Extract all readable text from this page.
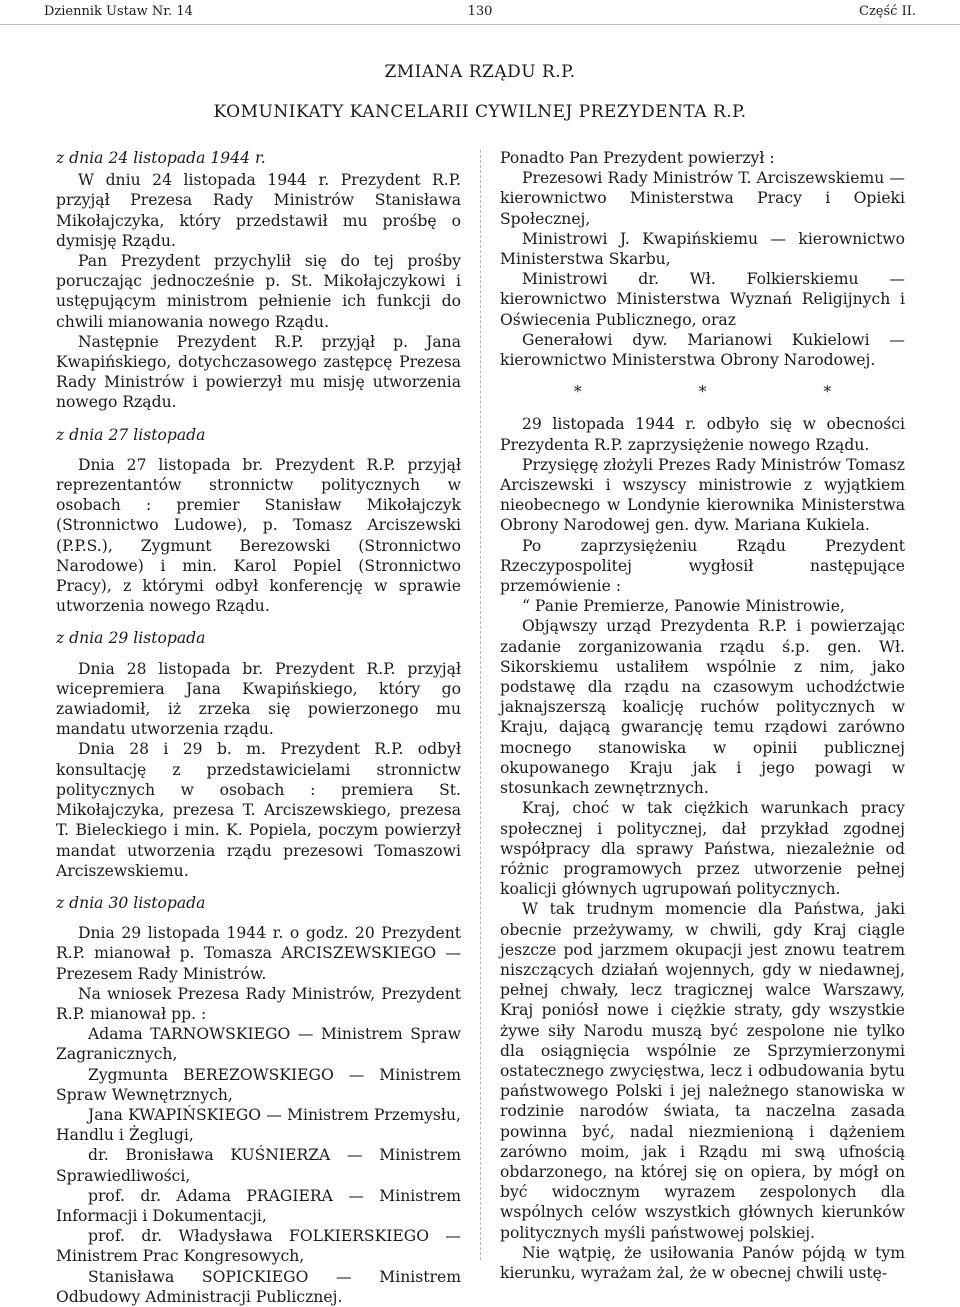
Dziennik Ustaw Nr. 14	130	Część II.
ZMIANA RZĄDU R.P.
KOMUNIKATY KANCELARII CYWILNEJ PREZYDENTA R.P.

z dnia 24 listopada 1944 r.

W dniu 24 listopada 1944 r. Prezydent R.P. przyjął Prezesa Rady Ministrów Stanisława Mikołajczyka, który przedstawił mu prośbę o dymisję Rządu.

Pan Prezydent przychylił się do tej prośby poruczając jednocześnie p. St. Mikołajczykowi i ustępującym ministrom pełnienie ich funkcji do chwili mianowania nowego Rządu.

Następnie Prezydent R.P. przyjął p. Jana Kwapińskiego, dotychczasowego zastępcę Prezesa Rady Ministrów i powierzył mu misję utworzenia nowego Rządu.

z dnia 27 listopada

Dnia 27 listopada br. Prezydent R.P. przyjął reprezentantów stronnictw politycznych w osobach : premier Stanisław Mikołajczyk (Stronnictwo Ludowe), p. Tomasz Arciszewski (P.P.S.), Zygmunt Berezowski (Stronnictwo Narodowe) i min. Karol Popiel (Stronnictwo Pracy), z którymi odbył konferencję w sprawie utworzenia nowego Rządu.

z dnia 29 listopada

Dnia 28 listopada br. Prezydent R.P. przyjął wicepremiera Jana Kwapińskiego, który go zawiadomił, iż zrzeka się powierzonego mu mandatu utworzenia rządu.

Dnia 28 i 29 b. m. Prezydent R.P. odbył konsultację z przedstawicielami stronnictw politycznych w osobach : premiera St. Mikołajczyka, prezesa T. Arciszewskiego, prezesa T. Bieleckiego i min. K. Popiela, poczym powierzył mandat utworzenia rządu prezesowi Tomaszowi Arciszewskiemu.

z dnia 30 listopada

Dnia 29 listopada 1944 r. o godz. 20 Prezydent R.P. mianował p. Tomasza ARCISZEWSKIEGO — Prezesem Rady Ministrów.

Na wniosek Prezesa Rady Ministrów, Prezydent R.P. mianował pp. :

Adama TARNOWSKIEGO — Ministrem Spraw Zagranicznych,

Zygmunta BEREZOWSKIEGO — Ministrem Spraw Wewnętrznych,

Jana KWAPIŃSKIEGO — Ministrem Przemysłu, Handlu i Żeglugi,

dr. Bronisława KUŚNIERZA — Ministrem Sprawiedliwości,

prof. dr. Adama PRAGIERA — Ministrem Informacji i Dokumentacji,

prof. dr. Władysława FOLKIERSKIEGO — Ministrem Prac Kongresowych,

Stanisława SOPICKIEGO — Ministrem Odbudowy Administracji Publicznej.

Ponadto Pan Prezydent powierzył :

Prezesowi Rady Ministrów T. Arciszewskiemu — kierownictwo Ministerstwa Pracy i Opieki Społecznej,

Ministrowi J. Kwapińskiemu — kierownictwo Ministerstwa Skarbu,

Ministrowi dr. Wł. Folkierskiemu — kierownictwo Ministerstwa Wyznań Religijnych i Oświecenia Publicznego, oraz

Generałowi dyw. Marianowi Kukielowi — kierownictwo Ministerstwa Obrony Narodowej.

* * *

29 listopada 1944 r. odbyło się w obecności Prezydenta R.P. zaprzysiężenie nowego Rządu.

Przysięgę złożyli Prezes Rady Ministrów Tomasz Arciszewski i wszyscy ministrowie z wyjątkiem nieobecnego w Londynie kierownika Ministerstwa Obrony Narodowej gen. dyw. Mariana Kukiela.

Po zaprzysiężeniu Rządu Prezydent Rzeczypospolitej wygłosił następujące przemówienie :

“ Panie Premierze, Panowie Ministrowie,

Objąwszy urząd Prezydenta R.P. i powierzając zadanie zorganizowania rządu ś.p. gen. Wł. Sikorskiemu ustaliłem wspólnie z nim, jako podstawę dla rządu na czasowym uchodźctwie jaknajszerszą koalicję ruchów politycznych w Kraju, dającą gwarancję temu rządowi zarówno mocnego stanowiska w opinii publicznej okupowanego Kraju jak i jego powagi w stosunkach zewnętrznych.

Kraj, choć w tak ciężkich warunkach pracy społecznej i politycznej, dał przykład zgodnej współpracy dla sprawy Państwa, niezależnie od różnic programowych przez utworzenie pełnej koalicji głównych ugrupowań politycznych.

W tak trudnym momencie dla Państwa, jaki obecnie przeżywamy, w chwili, gdy Kraj ciągle jeszcze pod jarzmem okupacji jest znowu teatrem niszczących działań wojennych, gdy w niedawnej, pełnej chwały, lecz tragicznej walce Warszawy, Kraj poniósł nowe i ciężkie straty, gdy wszystkie żywe siły Narodu muszą być zespolone nie tylko dla osiągnięcia wspólnie ze Sprzymierzonymi ostatecznego zwycięstwa, lecz i odbudowania bytu państwowego Polski i jej należnego stanowiska w rodzinie narodów świata, ta naczelna zasada powinna być, nadal niezmienioną i dążeniem zarówno moim, jak i Rządu mi swą ufnością obdarzonego, na której się on opiera, by mógł on być widocznym wyrazem zespolonych dla wspólnych celów wszystkich głównych kierunków politycznych myśli państwowej polskiej.

Nie wątpię, że usiłowania Panów pójdą w tym kierunku, wyrażam żal, że w obecnej chwili ustę-
